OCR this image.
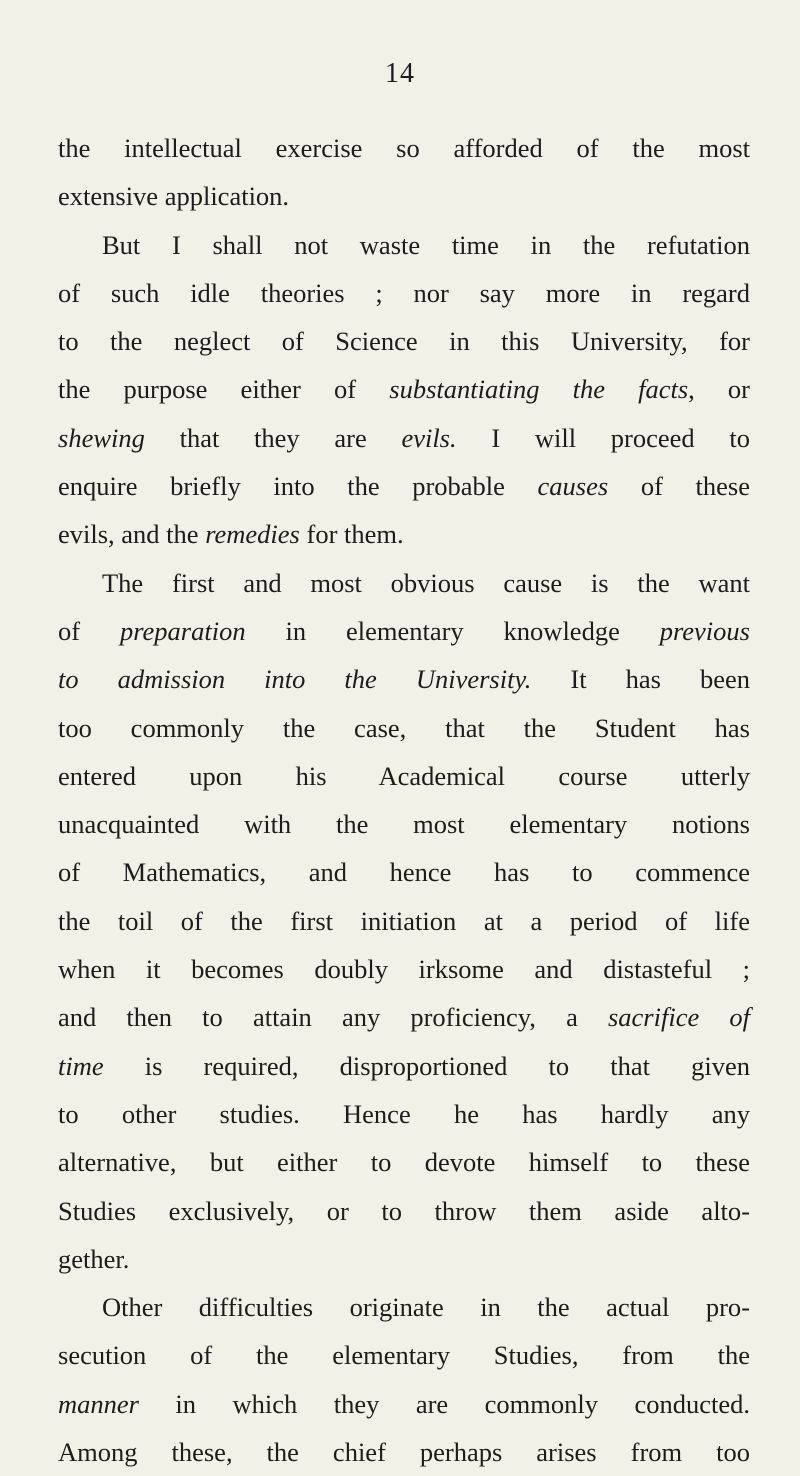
14
the intellectual exercise so afforded of the most
extensive application.
But I shall not waste time in the refutation
of such idle theories ; nor say more in regard
to the neglect of Science in this University, for
the purpose either of substantiating the facts, or
shewing that they are evils. I will proceed to
enquire briefly into the probable causes of these
evils, and the remedies for them.
The first and most obvious cause is the want
of preparation in elementary knowledge previous
to admission into the University. It has been
too commonly the case, that the Student has
entered upon his Academical course utterly
unacquainted with the most elementary notions
of Mathematics, and hence has to commence
the toil of the first initiation at a period of life
when it becomes doubly irksome and distasteful ;
and then to attain any proficiency, a sacrifice of
time is required, disproportioned to that given
to other studies. Hence he has hardly any
alternative, but either to devote himself to these
Studies exclusively, or to throw them aside alto-
gether.
Other difficulties originate in the actual pro-
secution of the elementary Studies, from the
manner in which they are commonly conducted.
Among these, the chief perhaps arises from too
